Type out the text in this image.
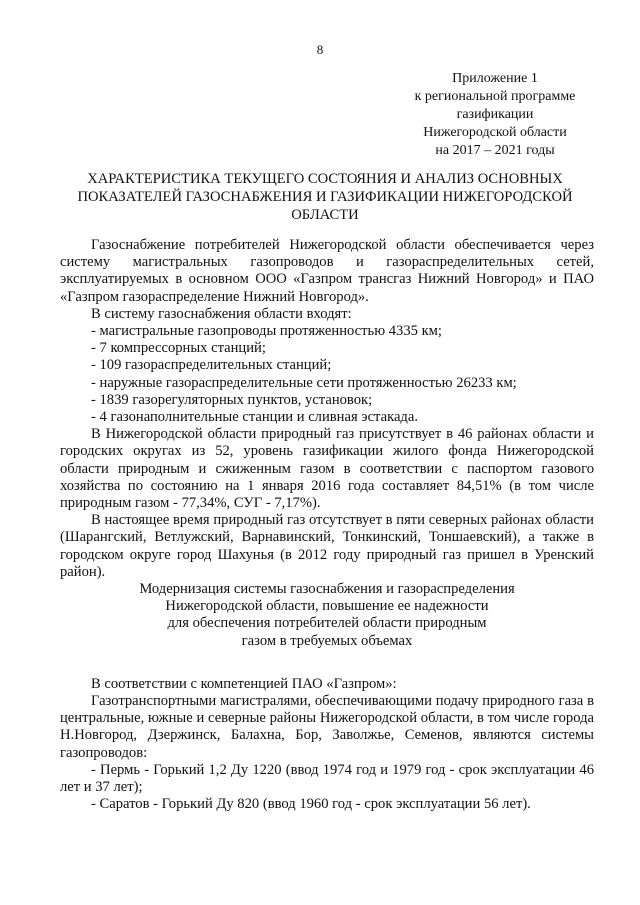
8
Приложение 1
к региональной программе
газификации
Нижегородской области
на 2017 – 2021 годы
ХАРАКТЕРИСТИКА ТЕКУЩЕГО СОСТОЯНИЯ И АНАЛИЗ ОСНОВНЫХ
ПОКАЗАТЕЛЕЙ ГАЗОСНАБЖЕНИЯ И ГАЗИФИКАЦИИ НИЖЕГОРОДСКОЙ
ОБЛАСТИ

Газоснабжение потребителей Нижегородской области обеспечивается через систему магистральных газопроводов и газораспределительных сетей, эксплуатируемых в основном ООО «Газпром трансгаз Нижний Новгород» и ПАО «Газпром газораспределение Нижний Новгород».

В систему газоснабжения области входят:

- магистральные газопроводы протяженностью 4335 км;

- 7 компрессорных станций;

- 109 газораспределительных станций;

- наружные газораспределительные сети протяженностью 26233 км;

- 1839 газорегуляторных пунктов, установок;

- 4 газонаполнительные станции и сливная эстакада.

В Нижегородской области природный газ присутствует в 46 районах области и городских округах из 52, уровень газификации жилого фонда Нижегородской области природным и сжиженным газом в соответствии с паспортом газового хозяйства по состоянию на 1 января 2016 года составляет 84,51% (в том числе природным газом - 77,34%, СУГ - 7,17%).

В настоящее время природный газ отсутствует в пяти северных районах области (Шарангский, Ветлужский, Варнавинский, Тонкинский, Тоншаевский), а также в городском округе город Шахунья (в 2012 году природный газ пришел в Уренский район).

Модернизация системы газоснабжения и газораспределения
Нижегородской области, повышение ее надежности
для обеспечения потребителей области природным
газом в требуемых объемах

В соответствии с компетенцией ПАО «Газпром»:

Газотранспортными магистралями, обеспечивающими подачу природного газа в центральные, южные и северные районы Нижегородской области, в том числе города Н.Новгород, Дзержинск, Балахна, Бор, Заволжье, Семенов, являются системы газопроводов:

- Пермь - Горький 1,2 Ду 1220 (ввод 1974 год и 1979 год - срок эксплуатации 46 лет и 37 лет);

- Саратов - Горький Ду 820 (ввод 1960 год - срок эксплуатации 56 лет).
